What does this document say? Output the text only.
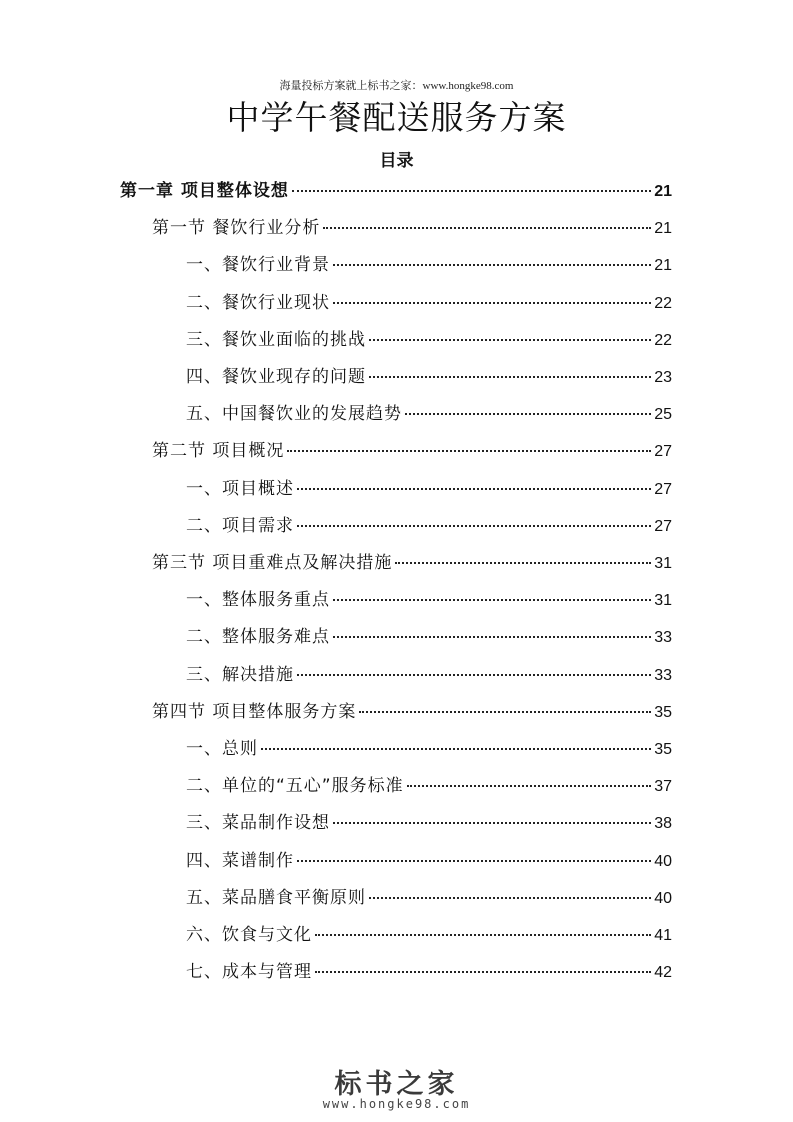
海量投标方案就上标书之家：www.hongke98.com
中学午餐配送服务方案
目录
第一章 项目整体设想	21
第一节 餐饮行业分析	21
一、餐饮行业背景	21
二、餐饮行业现状	22
三、餐饮业面临的挑战	22
四、餐饮业现存的问题	23
五、中国餐饮业的发展趋势	25
第二节 项目概况	27
一、项目概述	27
二、项目需求	27
第三节 项目重难点及解决措施	31
一、整体服务重点	31
二、整体服务难点	33
三、解决措施	33
第四节 项目整体服务方案	35
一、总则	35
二、单位的“五心”服务标准	37
三、菜品制作设想	38
四、菜谱制作	40
五、菜品膳食平衡原则	40
六、饮食与文化	41
七、成本与管理	42
标书之家
www.hongke98.com
